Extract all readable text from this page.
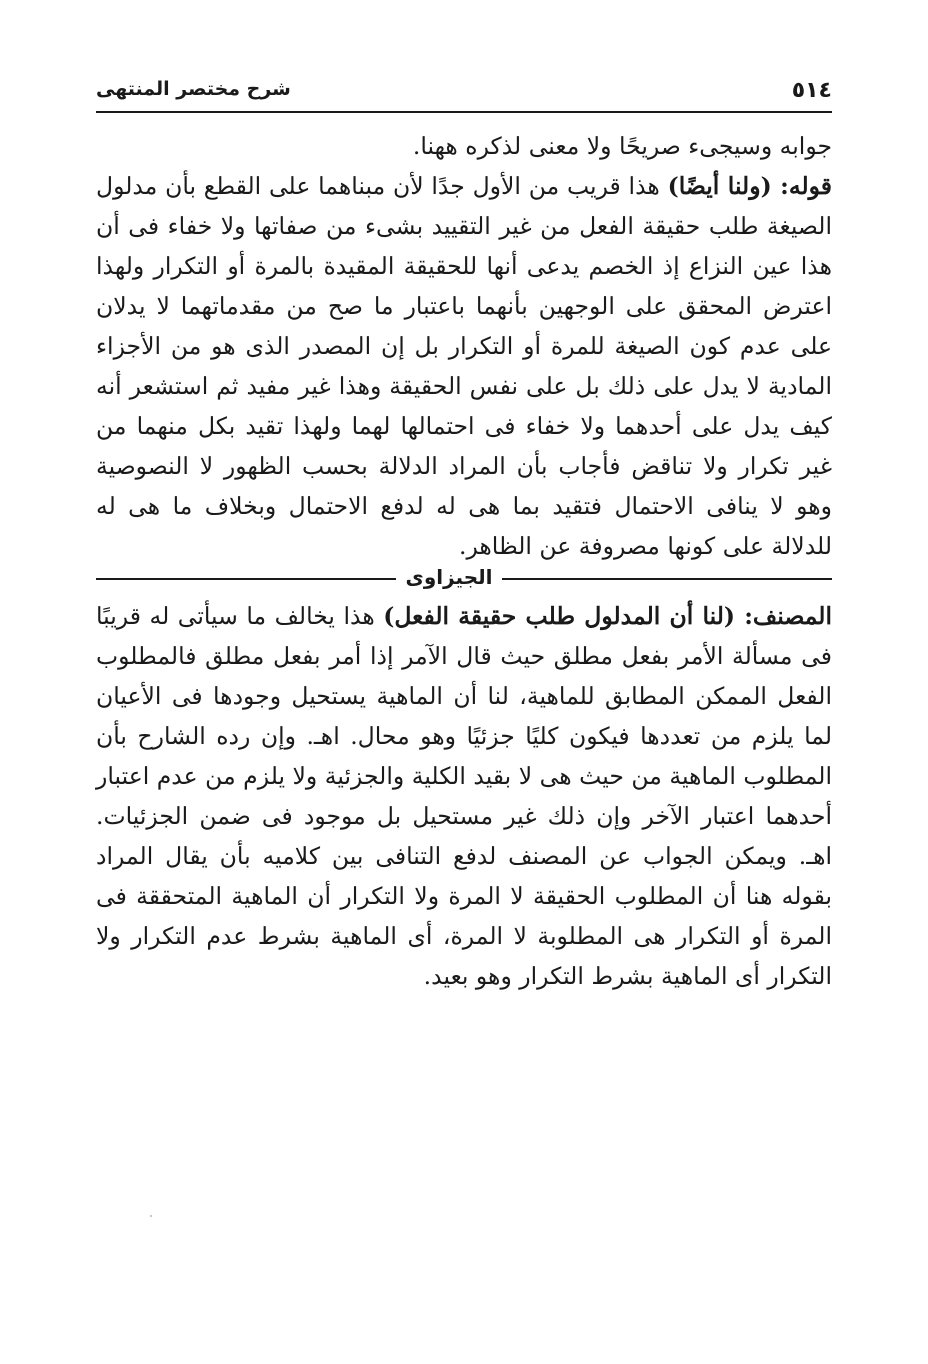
٥١٤
شرح مختصر المنتهى

جوابه وسيجىء صريحًا ولا معنى لذكره ههنا.

قوله: (ولنا أيضًا) هذا قريب من الأول جدًا لأن مبناهما على القطع بأن مدلول الصيغة طلب حقيقة الفعل من غير التقييد بشىء من صفاتها ولا خفاء فى أن هذا عين النزاع إذ الخصم يدعى أنها للحقيقة المقيدة بالمرة أو التكرار ولهذا اعترض المحقق على الوجهين بأنهما باعتبار ما صح من مقدماتهما لا يدلان على عدم كون الصيغة للمرة أو التكرار بل إن المصدر الذى هو من الأجزاء المادية لا يدل على ذلك بل على نفس الحقيقة وهذا غير مفيد ثم استشعر أنه كيف يدل على أحدهما ولا خفاء فى احتمالها لهما ولهذا تقيد بكل منهما من غير تكرار ولا تناقض فأجاب بأن المراد الدلالة بحسب الظهور لا النصوصية وهو لا ينافى الاحتمال فتقيد بما هى له لدفع الاحتمال وبخلاف ما هى له للدلالة على كونها مصروفة عن الظاهر.

الجيزاوى

المصنف: (لنا أن المدلول طلب حقيقة الفعل) هذا يخالف ما سيأتى له قريبًا فى مسألة الأمر بفعل مطلق حيث قال الآمر إذا أمر بفعل مطلق فالمطلوب الفعل الممكن المطابق للماهية، لنا أن الماهية يستحيل وجودها فى الأعيان لما يلزم من تعددها فيكون كليًا جزئيًا وهو محال. اهـ. وإن رده الشارح بأن المطلوب الماهية من حيث هى لا بقيد الكلية والجزئية ولا يلزم من عدم اعتبار أحدهما اعتبار الآخر وإن ذلك غير مستحيل بل موجود فى ضمن الجزئيات. اهـ. ويمكن الجواب عن المصنف لدفع التنافى بين كلاميه بأن يقال المراد بقوله هنا أن المطلوب الحقيقة لا المرة ولا التكرار أن الماهية المتحققة فى المرة أو التكرار هى المطلوبة لا المرة، أى الماهية بشرط عدم التكرار ولا التكرار أى الماهية بشرط التكرار وهو بعيد.
